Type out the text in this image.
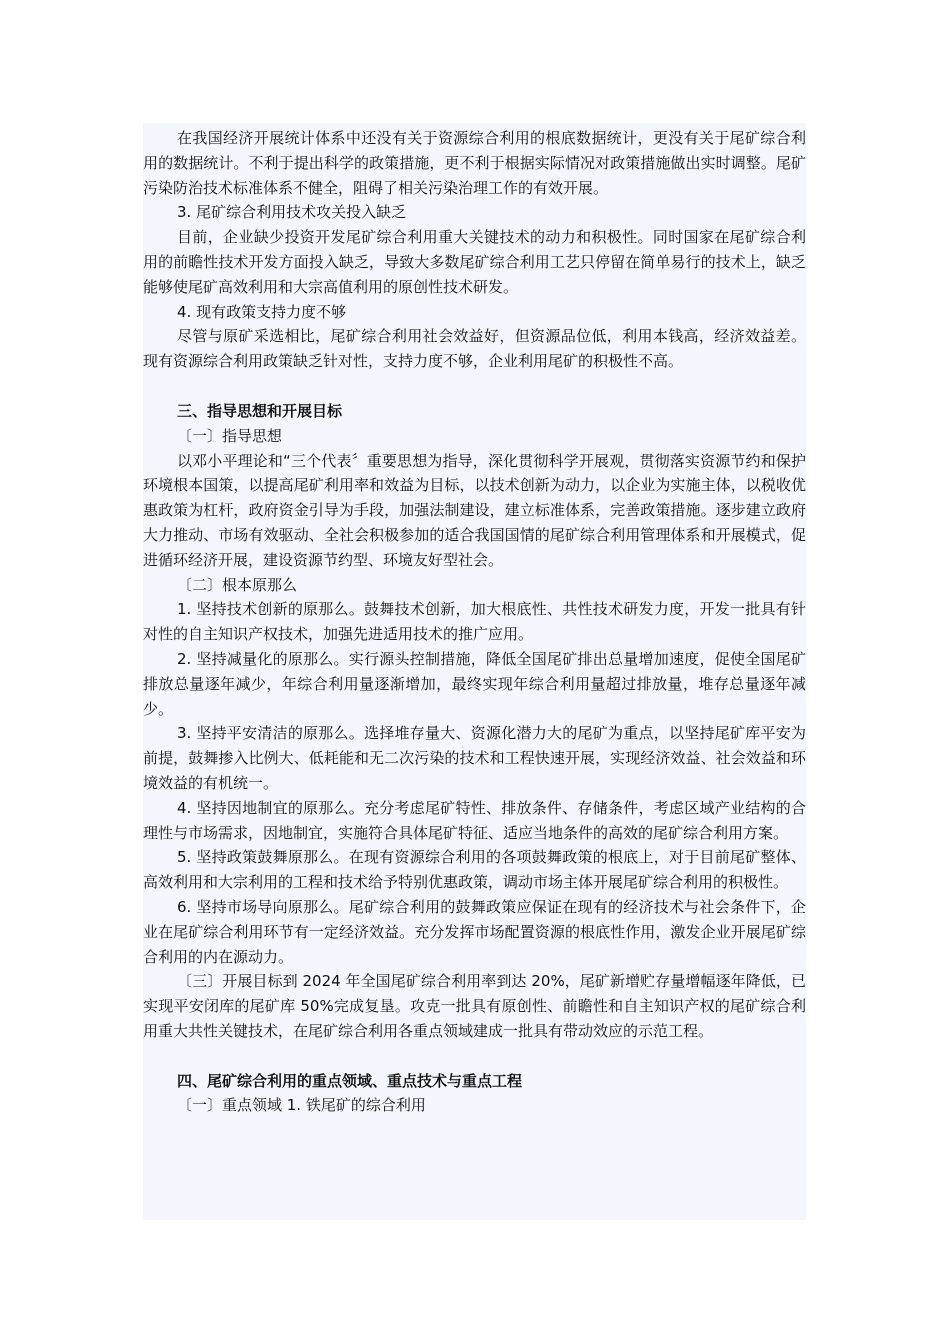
在我国经济开展统计体系中还没有关于资源综合利用的根底数据统计，更没有关于尾矿综合利用的数据统计。不利于提出科学的政策措施，更不利于根据实际情况对政策措施做出实时调整。尾矿污染防治技术标准体系不健全，阻碍了相关污染治理工作的有效开展。

3. 尾矿综合利用技术攻关投入缺乏

目前，企业缺少投资开发尾矿综合利用重大关键技术的动力和积极性。同时国家在尾矿综合利用的前瞻性技术开发方面投入缺乏，导致大多数尾矿综合利用工艺只停留在简单易行的技术上，缺乏能够使尾矿高效利用和大宗高值利用的原创性技术研发。

4. 现有政策支持力度不够

尽管与原矿采选相比，尾矿综合利用社会效益好，但资源品位低，利用本钱高，经济效益差。现有资源综合利用政策缺乏针对性，支持力度不够，企业利用尾矿的积极性不高。

三、指导思想和开展目标

〔一〕指导思想

以邓小平理论和“三个代表〞重要思想为指导，深化贯彻科学开展观，贯彻落实资源节约和保护环境根本国策，以提高尾矿利用率和效益为目标，以技术创新为动力，以企业为实施主体，以税收优惠政策为杠杆，政府资金引导为手段，加强法制建设，建立标准体系，完善政策措施。逐步建立政府大力推动、市场有效驱动、全社会积极参加的适合我国国情的尾矿综合利用管理体系和开展模式，促进循环经济开展，建设资源节约型、环境友好型社会。

〔二〕根本原那么

1. 坚持技术创新的原那么。鼓舞技术创新，加大根底性、共性技术研发力度，开发一批具有针对性的自主知识产权技术，加强先进适用技术的推广应用。

2. 坚持减量化的原那么。实行源头控制措施，降低全国尾矿排出总量增加速度，促使全国尾矿排放总量逐年减少，年综合利用量逐渐增加，最终实现年综合利用量超过排放量，堆存总量逐年减少。

3. 坚持平安清洁的原那么。选择堆存量大、资源化潜力大的尾矿为重点，以坚持尾矿库平安为前提，鼓舞掺入比例大、低耗能和无二次污染的技术和工程快速开展，实现经济效益、社会效益和环境效益的有机统一。

4. 坚持因地制宜的原那么。充分考虑尾矿特性、排放条件、存储条件，考虑区域产业结构的合理性与市场需求，因地制宜，实施符合具体尾矿特征、适应当地条件的高效的尾矿综合利用方案。

5. 坚持政策鼓舞原那么。在现有资源综合利用的各项鼓舞政策的根底上，对于目前尾矿整体、高效利用和大宗利用的工程和技术给予特别优惠政策，调动市场主体开展尾矿综合利用的积极性。

6. 坚持市场导向原那么。尾矿综合利用的鼓舞政策应保证在现有的经济技术与社会条件下，企业在尾矿综合利用环节有一定经济效益。充分发挥市场配置资源的根底性作用，激发企业开展尾矿综合利用的内在源动力。

〔三〕开展目标到 2024 年全国尾矿综合利用率到达 20%，尾矿新增贮存量增幅逐年降低，已实现平安闭库的尾矿库 50%完成复垦。攻克一批具有原创性、前瞻性和自主知识产权的尾矿综合利用重大共性关键技术，在尾矿综合利用各重点领域建成一批具有带动效应的示范工程。

四、尾矿综合利用的重点领域、重点技术与重点工程

〔一〕重点领域 1. 铁尾矿的综合利用
